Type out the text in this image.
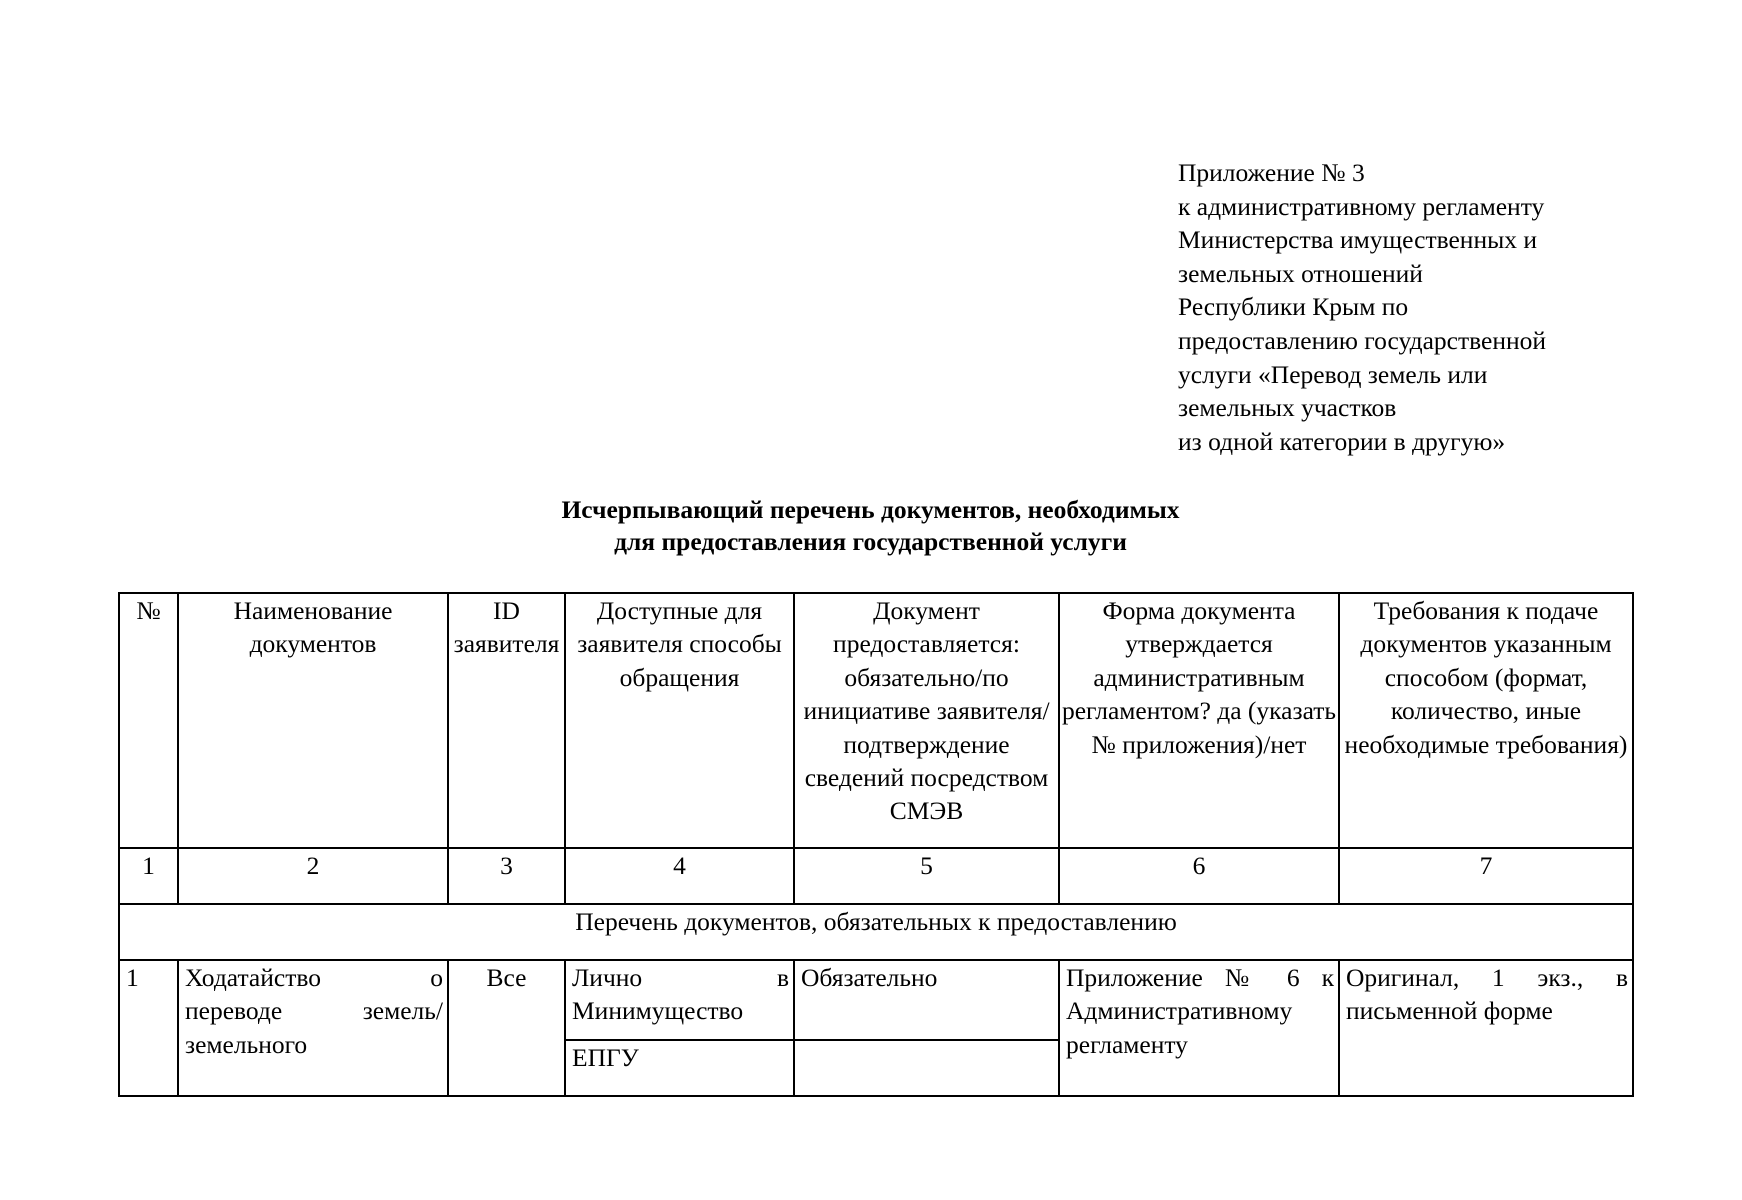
Приложение № 3
к административному регламенту
Министерства имущественных и
земельных отношений
Республики Крым по
предоставлению государственной
услуги «Перевод земель или
земельных участков
из одной категории в другую»
Исчерпывающий перечень документов, необходимых
для предоставления государственной услуги
№	Наименование документов	ID заявителя	Доступные для заявителя способы обращения	Документ предоставляется: обязательно/по инициативе заявителя/подтверждение сведений посредством СМЭВ	Форма документа утверждается административным регламентом? да (указать № приложения)/нет	Требования к подаче документов указанным способом (формат, количество, иные необходимые требования)
1	2	3	4	5	6	7
Перечень документов, обязательных к предоставлению						
1	Ходатайство о переводе земель/земельного	Все	Лично в Минимущество	Обязательно	Приложение № 6 к Административному регламенту	Оригинал, 1 экз., в письменной форме
			ЕПГУ			
